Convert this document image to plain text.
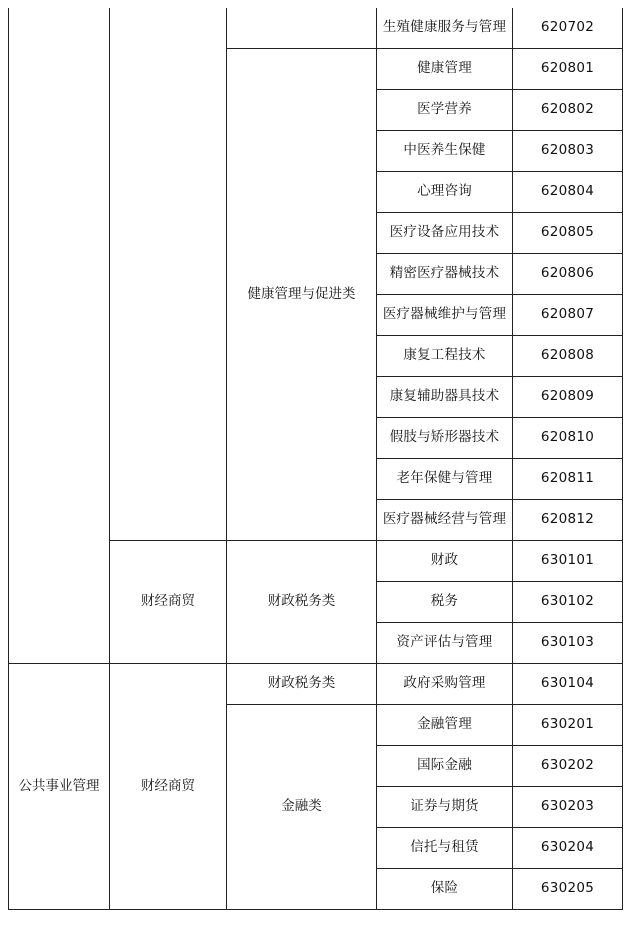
			生殖健康服务与管理	620702
		健康管理与促进类	健康管理	620801
			医学营养	620802
			中医养生保健	620803
			心理咨询	620804
			医疗设备应用技术	620805
			精密医疗器械技术	620806
			医疗器械维护与管理	620807
			康复工程技术	620808
			康复辅助器具技术	620809
			假肢与矫形器技术	620810
			老年保健与管理	620811
			医疗器械经营与管理	620812
	财经商贸	财政税务类	财政	630101
			税务	630102
			资产评估与管理	630103
公共事业管理	财经商贸	财政税务类	政府采购管理	630104
		金融类	金融管理	630201
			国际金融	630202
			证券与期货	630203
			信托与租赁	630204
			保险	630205
